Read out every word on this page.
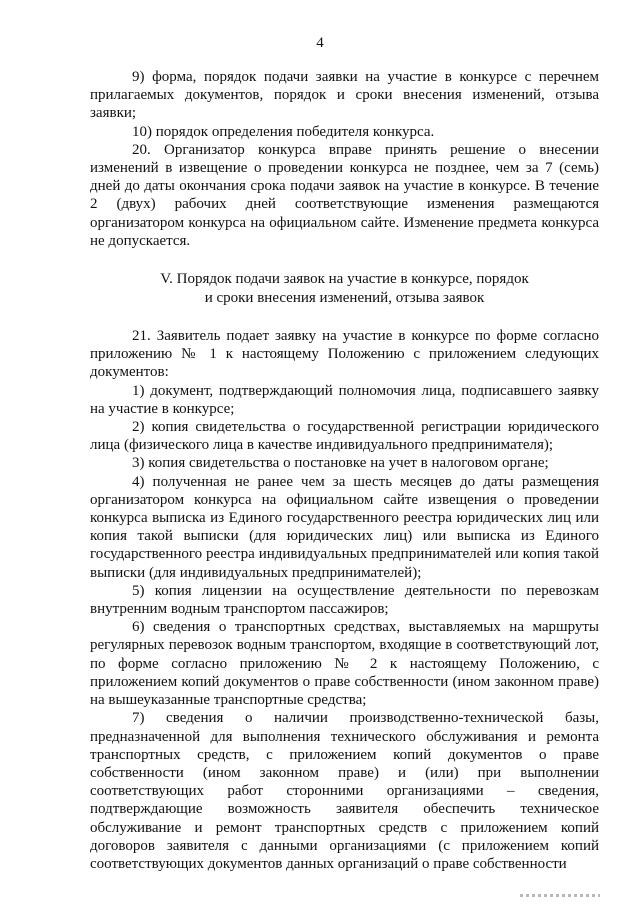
4

9) форма, порядок подачи заявки на участие в конкурсе с перечнем прилагаемых документов, порядок и сроки внесения изменений, отзыва заявки;

10) порядок определения победителя конкурса.

20. Организатор конкурса вправе принять решение о внесении изменений в извещение о проведении конкурса не позднее, чем за 7 (семь) дней до даты окончания срока подачи заявок на участие в конкурсе. В течение 2 (двух) рабочих дней соответствующие изменения размещаются организатором конкурса на официальном сайте. Изменение предмета конкурса не допускается.

V. Порядок подачи заявок на участие в конкурсе, порядок
и сроки внесения изменений, отзыва заявок

21. Заявитель подает заявку на участие в конкурсе по форме согласно приложению № 1 к настоящему Положению с приложением следующих документов:

1) документ, подтверждающий полномочия лица, подписавшего заявку на участие в конкурсе;

2) копия свидетельства о государственной регистрации юридического лица (физического лица в качестве индивидуального предпринимателя);

3) копия свидетельства о постановке на учет в налоговом органе;

4) полученная не ранее чем за шесть месяцев до даты размещения организатором конкурса на официальном сайте извещения о проведении конкурса выписка из Единого государственного реестра юридических лиц или копия такой выписки (для юридических лиц) или выписка из Единого государственного реестра индивидуальных предпринимателей или копия такой выписки (для индивидуальных предпринимателей);

5) копия лицензии на осуществление деятельности по перевозкам внутренним водным транспортом пассажиров;

6) сведения о транспортных средствах, выставляемых на маршруты регулярных перевозок водным транспортом, входящие в соответствующий лот, по форме согласно приложению № 2 к настоящему Положению, с приложением копий документов о праве собственности (ином законном праве) на вышеуказанные транспортные средства;

7) сведения о наличии производственно-технической базы, предназначенной для выполнения технического обслуживания и ремонта транспортных средств, с приложением копий документов о праве собственности (ином законном праве) и (или) при выполнении соответствующих работ сторонними организациями – сведения, подтверждающие возможность заявителя обеспечить техническое обслуживание и ремонт транспортных средств с приложением копий договоров заявителя с данными организациями (с приложением копий соответствующих документов данных организаций о праве собственности
